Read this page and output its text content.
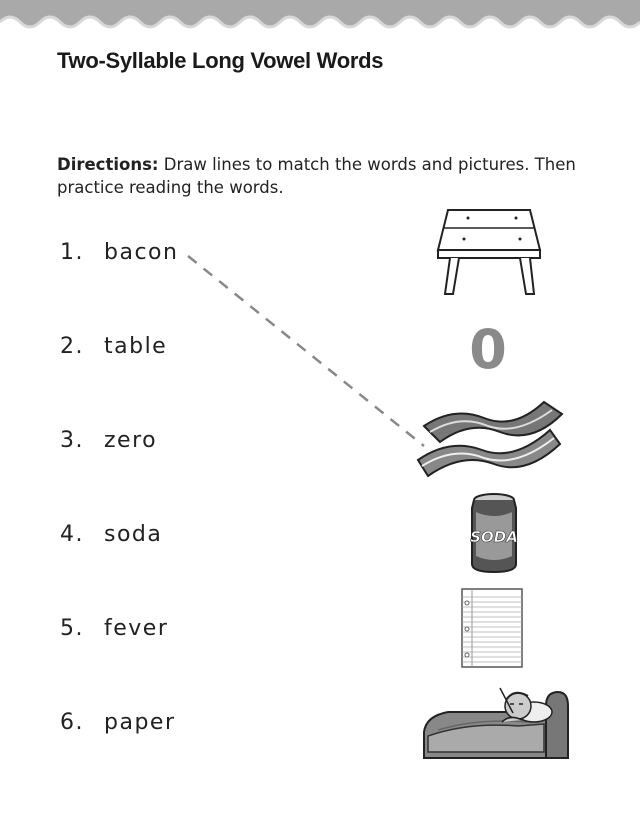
Two-Syllable Long Vowel Words
Directions: Draw lines to match the words and pictures. Then practice reading the words.
1. bacon
2. table
3. zero
4. soda
5. fever
6. paper
0
SODA
